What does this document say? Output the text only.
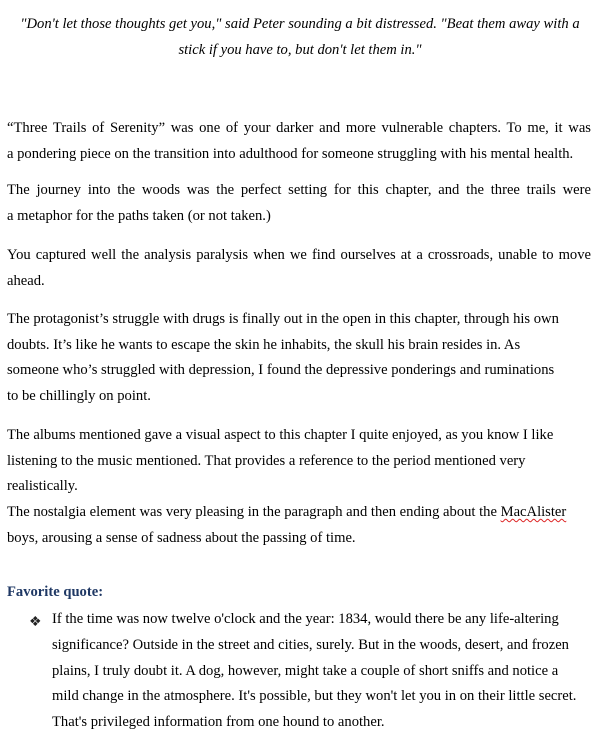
"Don't let those thoughts get you," said Peter sounding a bit distressed. "Beat them away with a
stick if you have to, but don't let them in."
“Three Trails of Serenity” was one of your darker and more vulnerable chapters. To me, it was
a pondering piece on the transition into adulthood for someone struggling with his mental health.
The journey into the woods was the perfect setting for this chapter, and the three trails were
a metaphor for the paths taken (or not taken.)
You captured well the analysis paralysis when we find ourselves at a crossroads, unable to move
ahead.
The protagonist’s struggle with drugs is finally out in the open in this chapter, through his own
doubts. It’s like he wants to escape the skin he inhabits, the skull his brain resides in. As
someone who’s struggled with depression, I found the depressive ponderings and ruminations
to be chillingly on point.
The albums mentioned gave a visual aspect to this chapter I quite enjoyed, as you know I like
listening to the music mentioned. That provides a reference to the period mentioned very
realistically.
The nostalgia element was very pleasing in the paragraph and then ending about the MacAlister
boys, arousing a sense of sadness about the passing of time.
Favorite quote:
❖ If the time was now twelve o'clock and the year: 1834, would there be any life-altering
significance? Outside in the street and cities, surely. But in the woods, desert, and frozen
plains, I truly doubt it. A dog, however, might take a couple of short sniffs and notice a
mild change in the atmosphere. It's possible, but they won't let you in on their little secret.
That's privileged information from one hound to another.
